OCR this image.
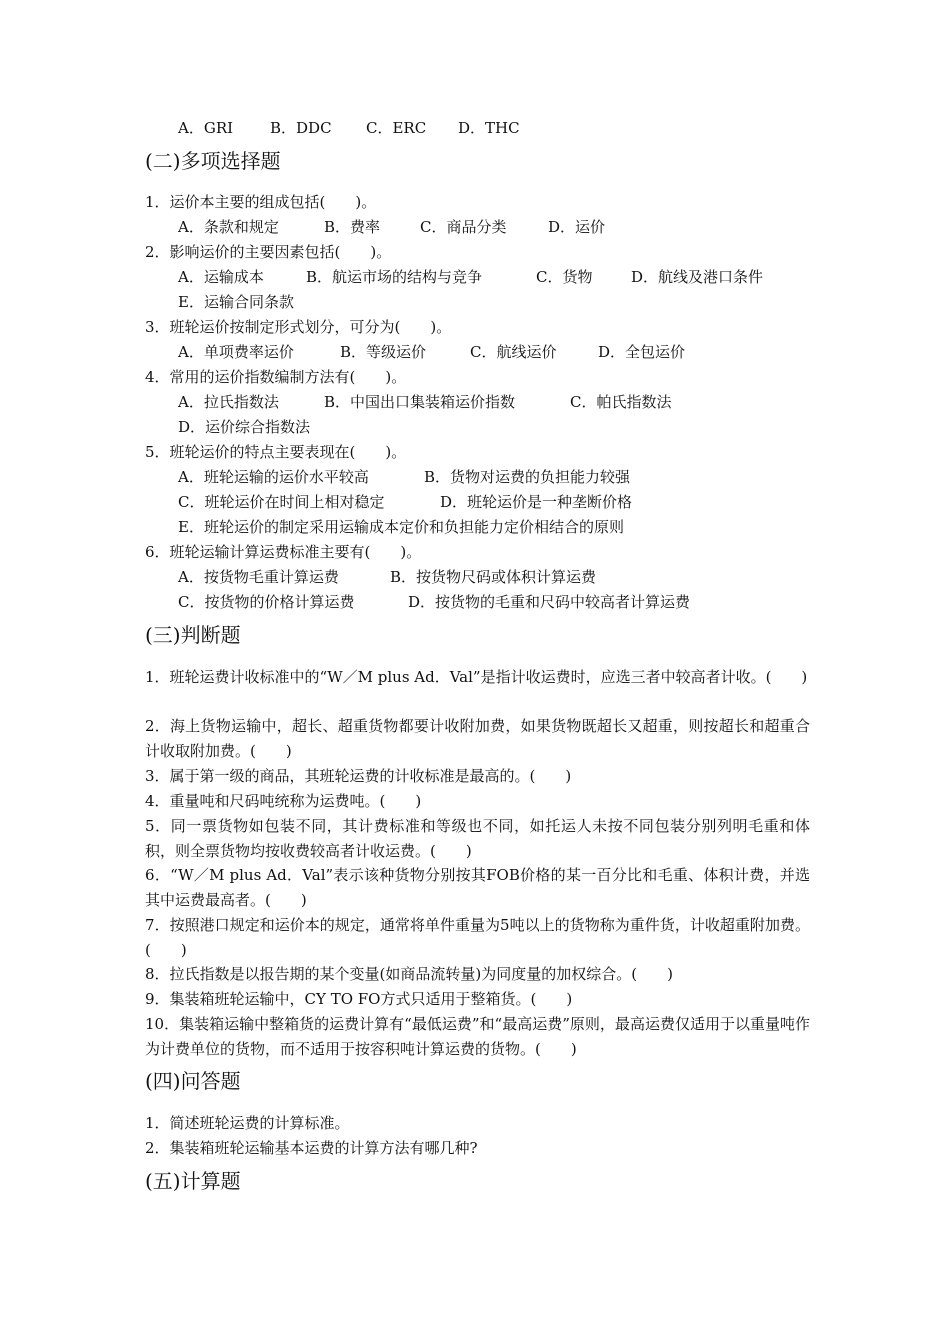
A．GRI B．DDC C．ERC D．THC
(二)多项选择题
1．运价本主要的组成包括(　　)。
A．条款和规定	B．费率	C．商品分类	D．运价
2．影响运价的主要因素包括(　　)。
A．运输成本	B．航运市场的结构与竞争	C．货物	D．航线及港口条件
E．运输合同条款
3．班轮运价按制定形式划分，可分为(　　)。
A．单项费率运价	B．等级运价	C．航线运价	D．全包运价
4．常用的运价指数编制方法有(　　)。
A．拉氏指数法	B．中国出口集装箱运价指数	C．帕氏指数法
D．运价综合指数法
5．班轮运价的特点主要表现在(　　)。
A．班轮运输的运价水平较高	B．货物对运费的负担能力较强
C．班轮运价在时间上相对稳定	D．班轮运价是一种垄断价格
E．班轮运价的制定采用运输成本定价和负担能力定价相结合的原则
6．班轮运输计算运费标准主要有(　　)。
A．按货物毛重计算运费	B．按货物尺码或体积计算运费
C．按货物的价格计算运费	D．按货物的毛重和尺码中较高者计算运费
(三)判断题
1．班轮运费计收标准中的“W／M plus Ad．Val”是指计收运费时，应选三者中较高者计收。(　　)
2．海上货物运输中，超长、超重货物都要计收附加费，如果货物既超长又超重，则按超长和超重合计收取附加费。(　　)
3．属于第一级的商品，其班轮运费的计收标准是最高的。(　　)
4．重量吨和尺码吨统称为运费吨。(　　)
5．同一票货物如包装不同，其计费标准和等级也不同，如托运人未按不同包装分别列明毛重和体积，则全票货物均按收费较高者计收运费。(　　)
6．“W／M plus Ad．Val”表示该种货物分别按其FOB价格的某一百分比和毛重、体积计费，并选其中运费最高者。(　　)
7．按照港口规定和运价本的规定，通常将单件重量为5吨以上的货物称为重件货，计收超重附加费。(　　)
8．拉氏指数是以报告期的某个变量(如商品流转量)为同度量的加权综合。(　　)
9．集装箱班轮运输中，CY TO FO方式只适用于整箱货。(　　)
10．集装箱运输中整箱货的运费计算有“最低运费”和“最高运费”原则，最高运费仅适用于以重量吨作为计费单位的货物，而不适用于按容积吨计算运费的货物。(　　)
(四)问答题
1．简述班轮运费的计算标准。
2．集装箱班轮运输基本运费的计算方法有哪几种?
(五)计算题
